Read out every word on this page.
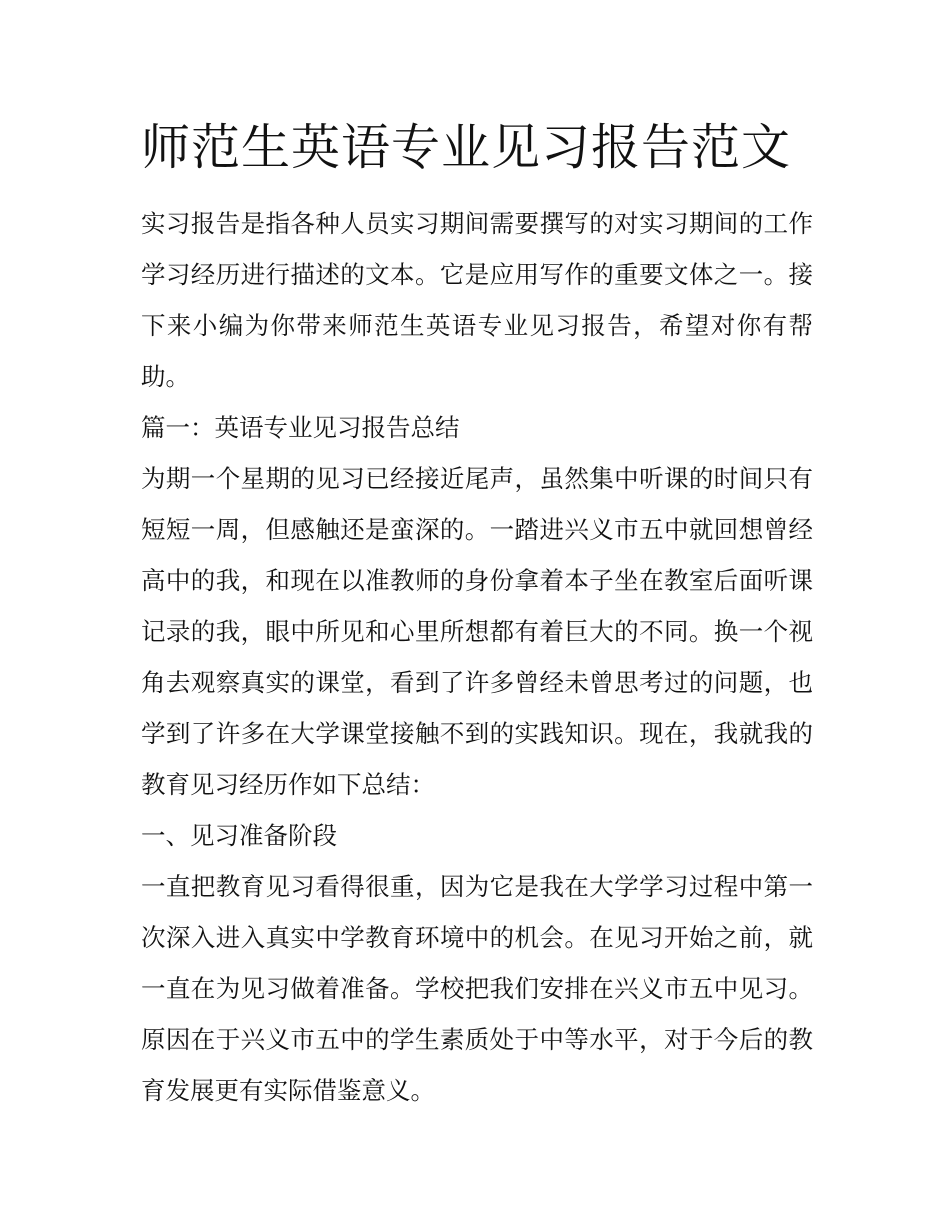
师范生英语专业见习报告范文

实习报告是指各种人员实习期间需要撰写的对实习期间的工作学习经历进行描述的文本。它是应用写作的重要文体之一。接下来小编为你带来师范生英语专业见习报告，希望对你有帮助。

篇一：英语专业见习报告总结

为期一个星期的见习已经接近尾声，虽然集中听课的时间只有短短一周，但感触还是蛮深的。一踏进兴义市五中就回想曾经高中的我，和现在以准教师的身份拿着本子坐在教室后面听课记录的我，眼中所见和心里所想都有着巨大的不同。换一个视角去观察真实的课堂，看到了许多曾经未曾思考过的问题，也学到了许多在大学课堂接触不到的实践知识。现在，我就我的教育见习经历作如下总结：

一、见习准备阶段

一直把教育见习看得很重，因为它是我在大学学习过程中第一次深入进入真实中学教育环境中的机会。在见习开始之前，就一直在为见习做着准备。学校把我们安排在兴义市五中见习。原因在于兴义市五中的学生素质处于中等水平，对于今后的教育发展更有实际借鉴意义。
